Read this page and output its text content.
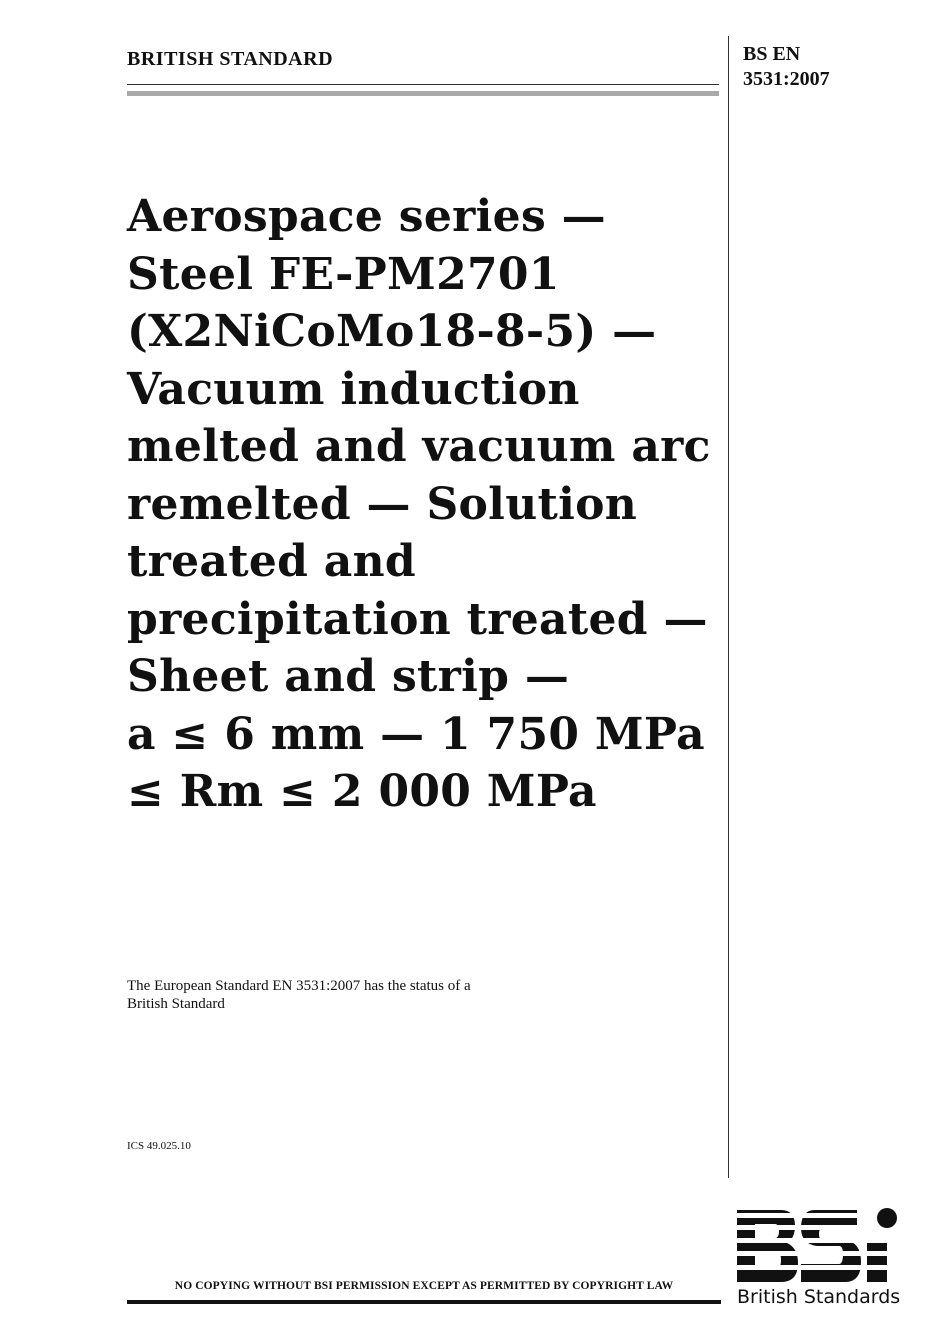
BRITISH STANDARD	BS EN
3531:2007
Aerospace series —
Steel FE-PM2701
(X2NiCoMo18-8-5) —
Vacuum induction
melted and vacuum arc
remelted — Solution
treated and
precipitation treated —
Sheet and strip —
a ≤ 6 mm — 1 750 MPa
≤ Rm ≤ 2 000 MPa
The European Standard EN 3531:2007 has the status of a
British Standard
ICS 49.025.10
NO COPYING WITHOUT BSI PERMISSION EXCEPT AS PERMITTED BY COPYRIGHT LAW	British Standards
